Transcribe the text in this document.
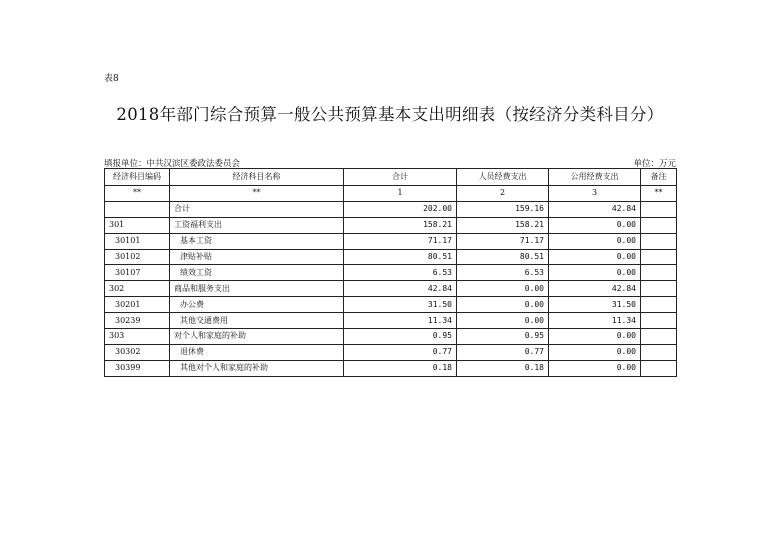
表8
2018年部门综合预算一般公共预算基本支出明细表（按经济分类科目分）
填报单位：中共汉滨区委政法委员会	单位：万元
经济科目编码	经济科目名称	合计	人员经费支出	公用经费支出	备注
**	**	1	2	3	**
	合计	202.00	159.16	42.84	
301	工资福利支出	158.21	158.21	0.00	
30101	基本工资	71.17	71.17	0.00	
30102	津贴补贴	80.51	80.51	0.00	
30107	绩效工资	6.53	6.53	0.00	
302	商品和服务支出	42.84	0.00	42.84	
30201	办公费	31.50	0.00	31.50	
30239	其他交通费用	11.34	0.00	11.34	
303	对个人和家庭的补助	0.95	0.95	0.00	
30302	退休费	0.77	0.77	0.00	
30399	其他对个人和家庭的补助	0.18	0.18	0.00	
